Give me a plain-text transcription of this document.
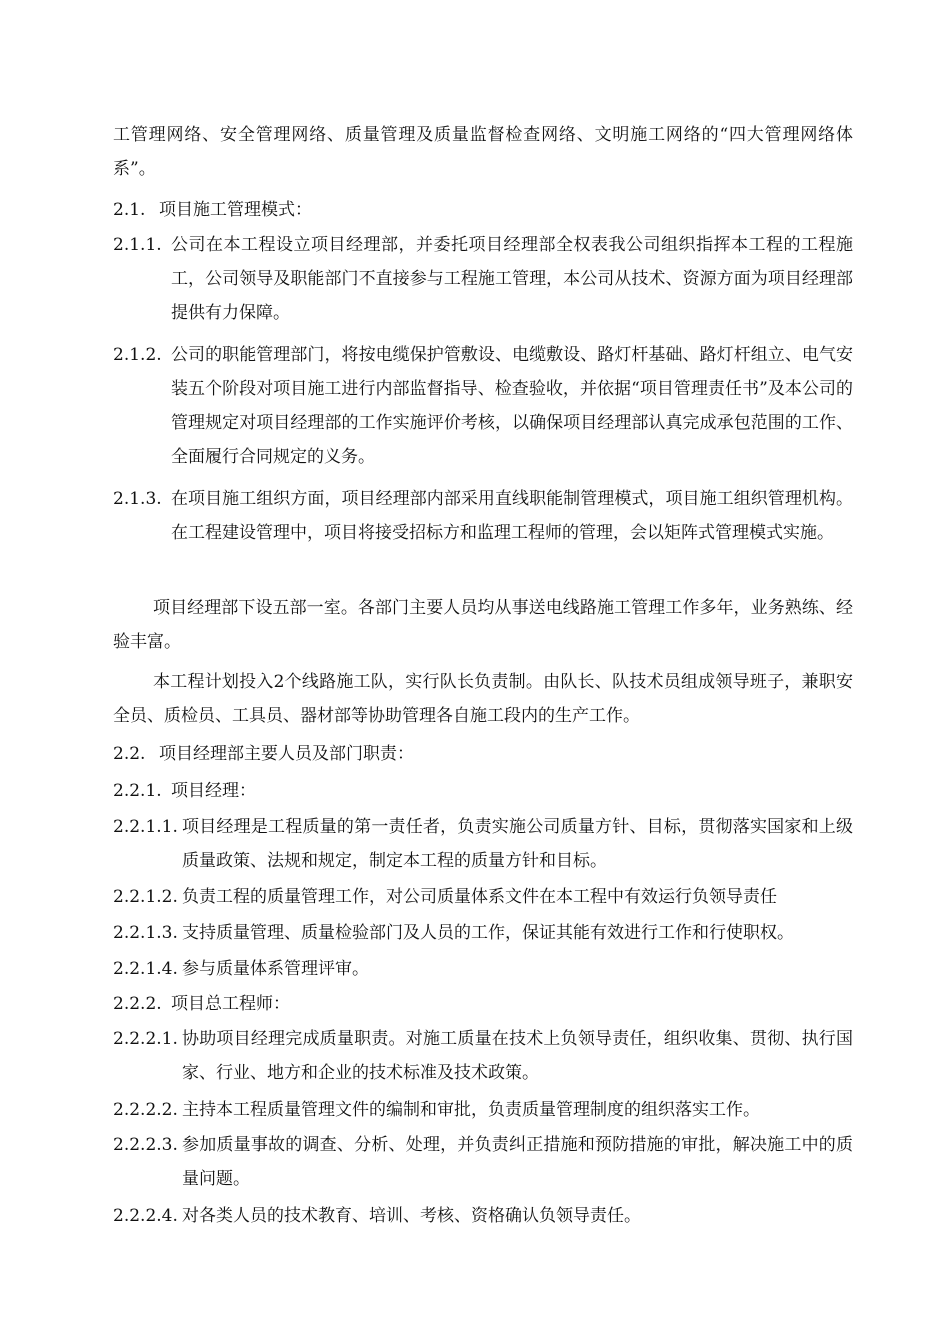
工管理网络、安全管理网络、质量管理及质量监督检查网络、文明施工网络的“四大管理网络体系”。

2.1. 项目施工管理模式：

2.1.1. 公司在本工程设立项目经理部，并委托项目经理部全权表我公司组织指挥本工程的工程施工，公司领导及职能部门不直接参与工程施工管理，本公司从技术、资源方面为项目经理部提供有力保障。

2.1.2. 公司的职能管理部门，将按电缆保护管敷设、电缆敷设、路灯杆基础、路灯杆组立、电气安装五个阶段对项目施工进行内部监督指导、检查验收，并依据“项目管理责任书”及本公司的管理规定对项目经理部的工作实施评价考核，以确保项目经理部认真完成承包范围的工作、全面履行合同规定的义务。

2.1.3. 在项目施工组织方面，项目经理部内部采用直线职能制管理模式，项目施工组织管理机构。在工程建设管理中，项目将接受招标方和监理工程师的管理，会以矩阵式管理模式实施。

项目经理部下设五部一室。各部门主要人员均从事送电线路施工管理工作多年，业务熟练、经验丰富。

本工程计划投入2个线路施工队，实行队长负责制。由队长、队技术员组成领导班子，兼职安全员、质检员、工具员、器材部等协助管理各自施工段内的生产工作。

2.2. 项目经理部主要人员及部门职责：

2.2.1. 项目经理：

2.2.1.1. 项目经理是工程质量的第一责任者，负责实施公司质量方针、目标，贯彻落实国家和上级质量政策、法规和规定，制定本工程的质量方针和目标。

2.2.1.2. 负责工程的质量管理工作，对公司质量体系文件在本工程中有效运行负领导责任

2.2.1.3. 支持质量管理、质量检验部门及人员的工作，保证其能有效进行工作和行使职权。

2.2.1.4. 参与质量体系管理评审。

2.2.2. 项目总工程师：

2.2.2.1. 协助项目经理完成质量职责。对施工质量在技术上负领导责任，组织收集、贯彻、执行国家、行业、地方和企业的技术标准及技术政策。

2.2.2.2. 主持本工程质量管理文件的编制和审批，负责质量管理制度的组织落实工作。

2.2.2.3. 参加质量事故的调查、分析、处理，并负责纠正措施和预防措施的审批，解决施工中的质量问题。

2.2.2.4. 对各类人员的技术教育、培训、考核、资格确认负领导责任。
